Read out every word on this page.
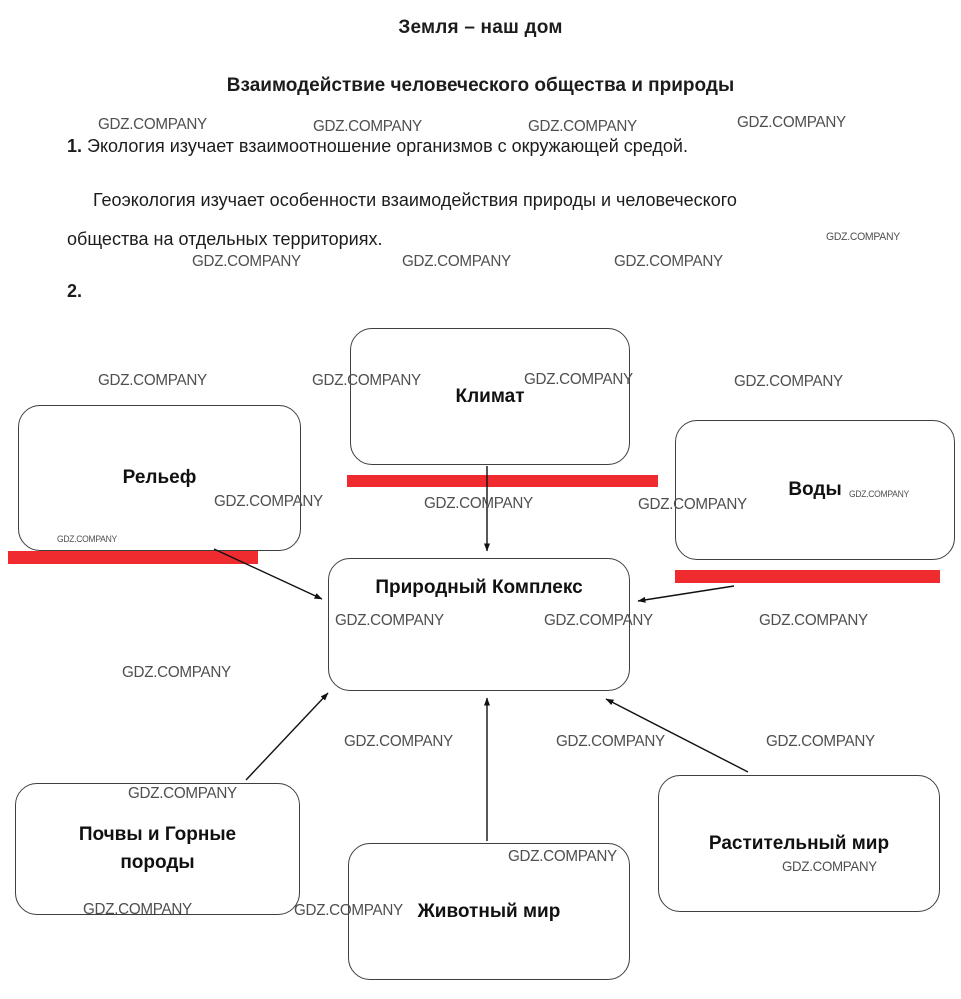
Земля – наш дом
Взаимодействие человеческого общества и природы
1. Экология изучает взаимоотношение организмов с окружающей средой.
Геоэкология изучает особенности взаимодействия природы и человеческого
общества на отдельных территориях.
2.
Климат
Рельеф
Воды
Природный Комплекс
Почвы и Горные породы
Животный мир
Растительный мир
GDZ.COMPANY	GDZ.COMPANY	GDZ.COMPANY	GDZ.COMPANY
GDZ.COMPANY
GDZ.COMPANY	GDZ.COMPANY	GDZ.COMPANY
GDZ.COMPANY	GDZ.COMPANY	GDZ.COMPANY	GDZ.COMPANY
GDZ.COMPANY
GDZ.COMPANY
GDZ.COMPANY	GDZ.COMPANY
GDZ.COMPANY
GDZ.COMPANY	GDZ.COMPANY	GDZ.COMPANY
GDZ.COMPANY
GDZ.COMPANY	GDZ.COMPANY	GDZ.COMPANY
GDZ.COMPANY
GDZ.COMPANY	GDZ.COMPANY
GDZ.COMPANY
GDZ.COMPANY
